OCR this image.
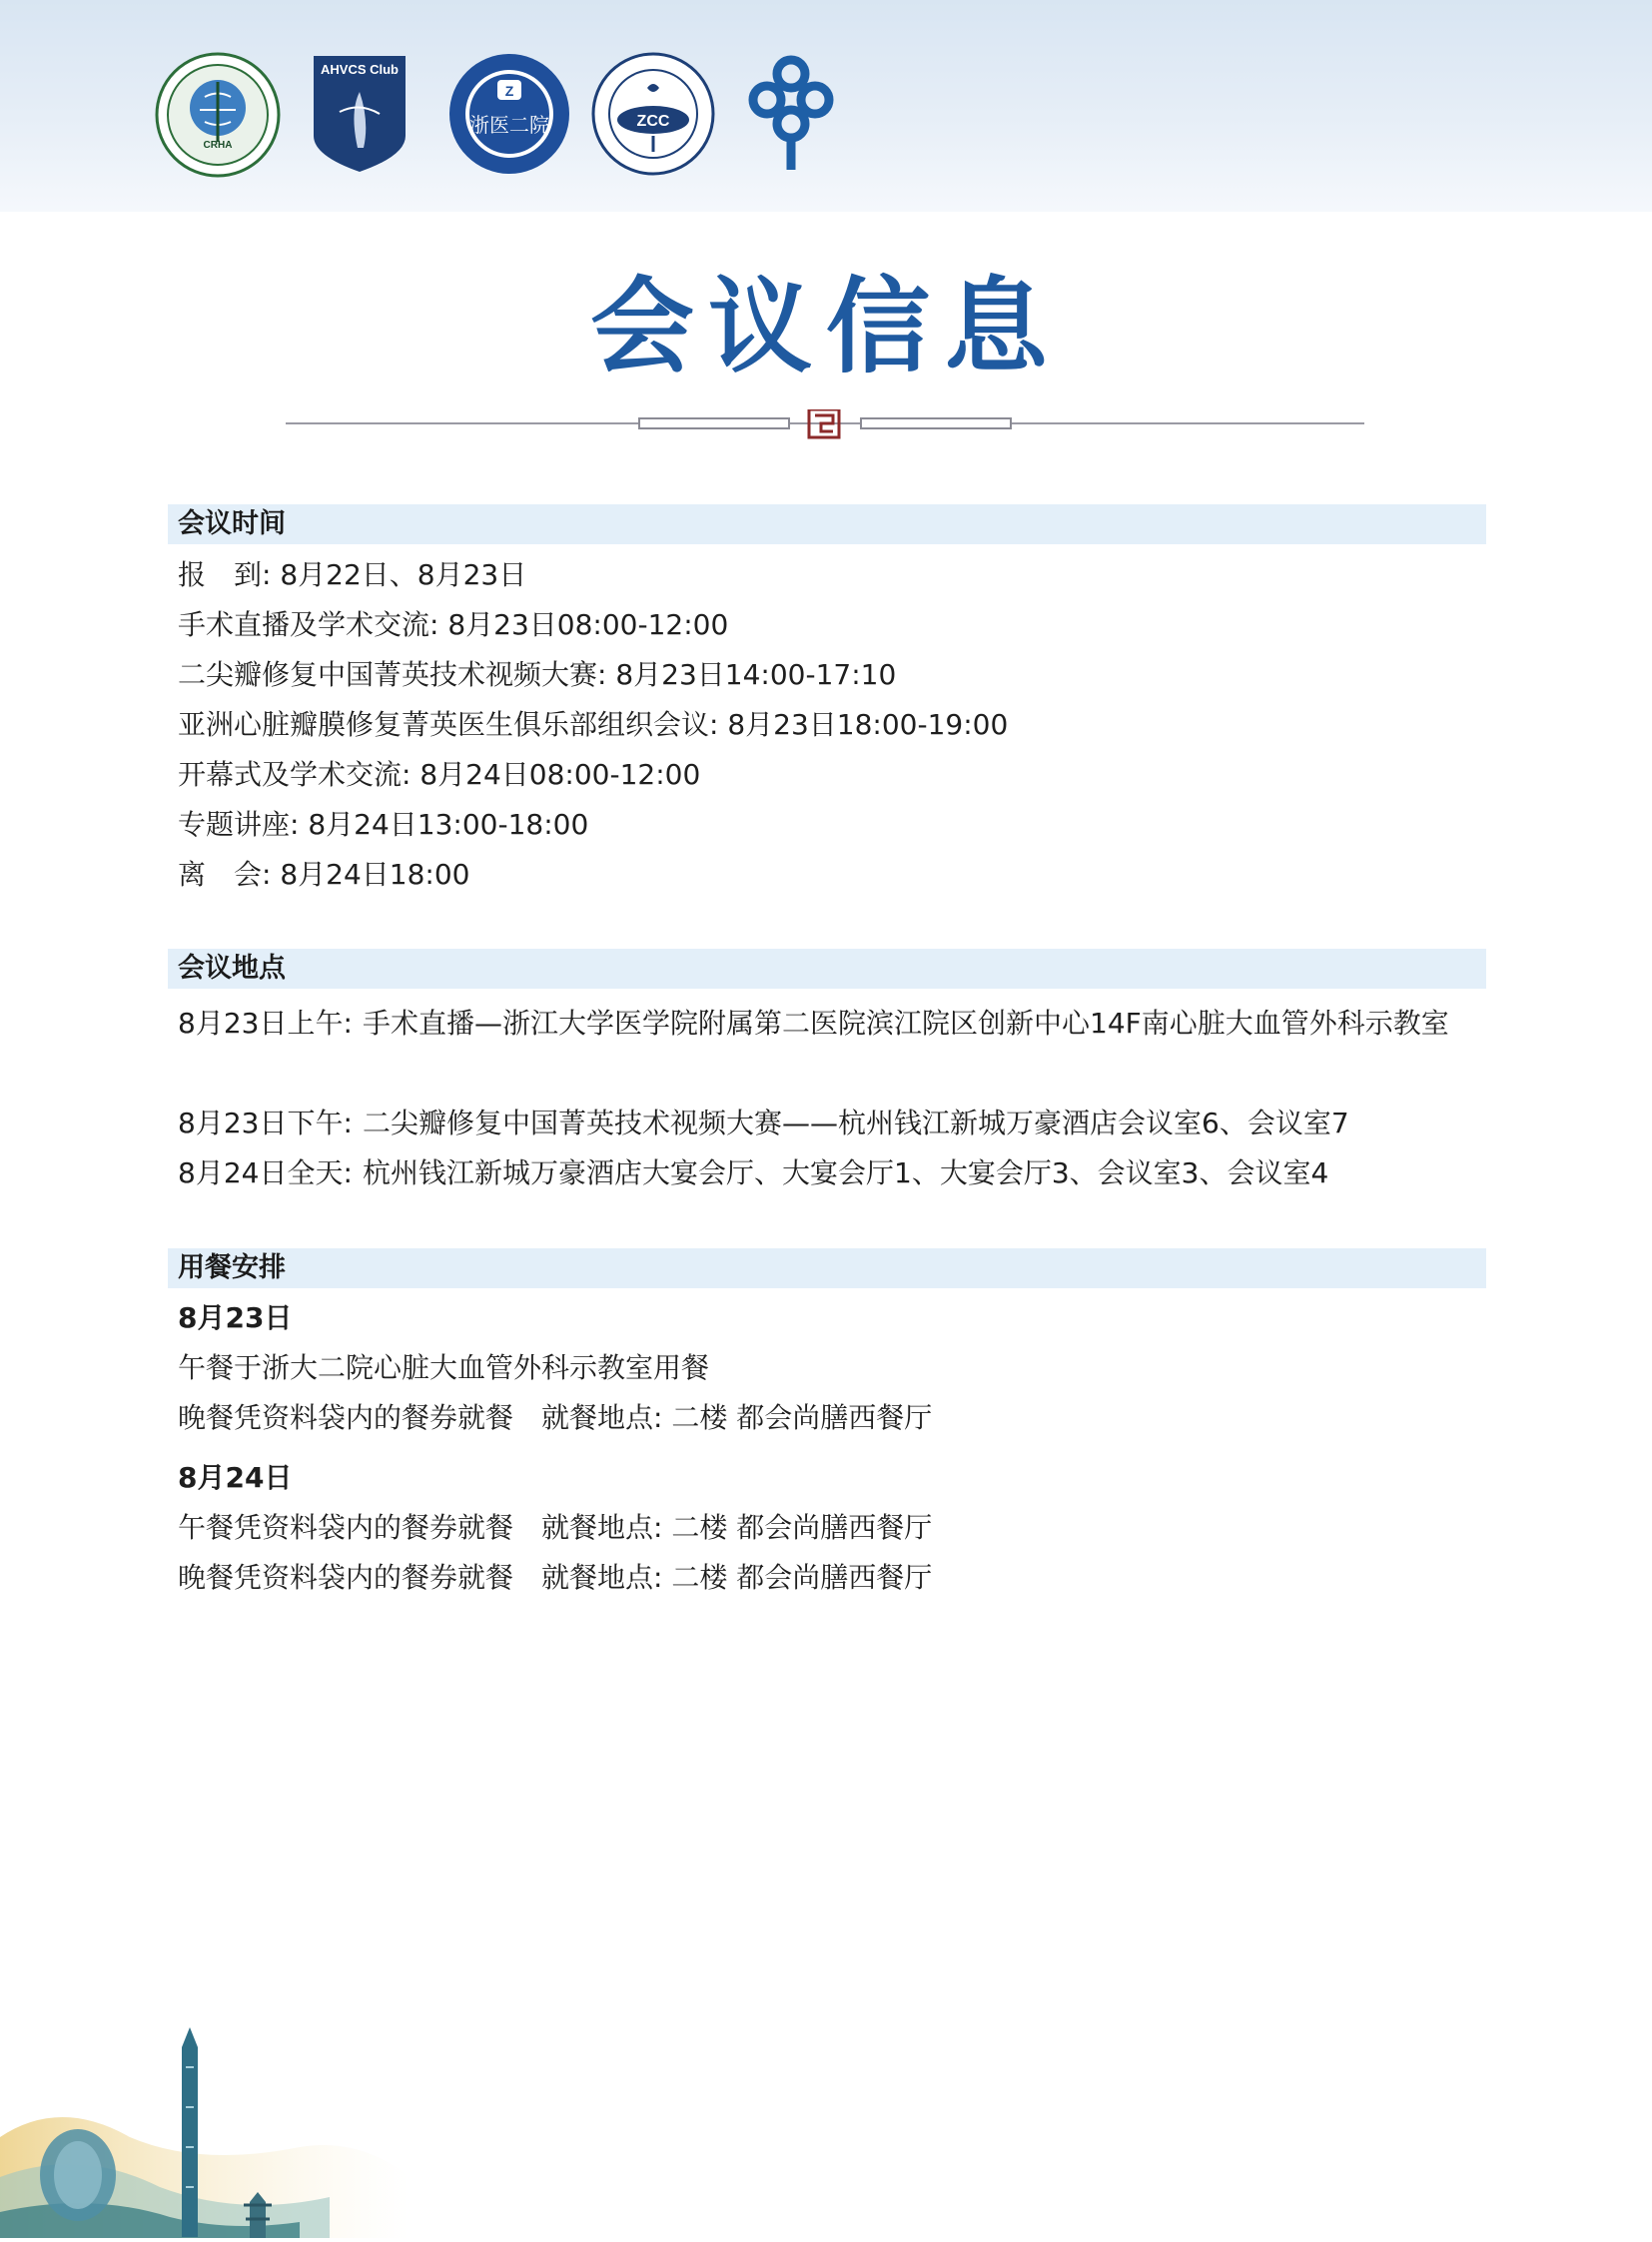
CRHA
AHVCS Club
Z
浙医二院	ZCC
会议信息
会议时间
报　到: 8月22日、8月23日
手术直播及学术交流: 8月23日08:00-12:00
二尖瓣修复中国菁英技术视频大赛: 8月23日14:00-17:10
亚洲心脏瓣膜修复菁英医生俱乐部组织会议: 8月23日18:00-19:00
开幕式及学术交流: 8月24日08:00-12:00
专题讲座: 8月24日13:00-18:00
离　会: 8月24日18:00
会议地点
8月23日上午: 手术直播—浙江大学医学院附属第二医院滨江院区创新中心14F南心脏大血管外科示教室
8月23日下午: 二尖瓣修复中国菁英技术视频大赛——杭州钱江新城万豪酒店会议室6、会议室7
8月24日全天: 杭州钱江新城万豪酒店大宴会厅、大宴会厅1、大宴会厅3、会议室3、会议室4
用餐安排
8月23日
午餐于浙大二院心脏大血管外科示教室用餐
晚餐凭资料袋内的餐券就餐　就餐地点: 二楼 都会尚膳西餐厅
8月24日
午餐凭资料袋内的餐券就餐　就餐地点: 二楼 都会尚膳西餐厅
晚餐凭资料袋内的餐券就餐　就餐地点: 二楼 都会尚膳西餐厅
